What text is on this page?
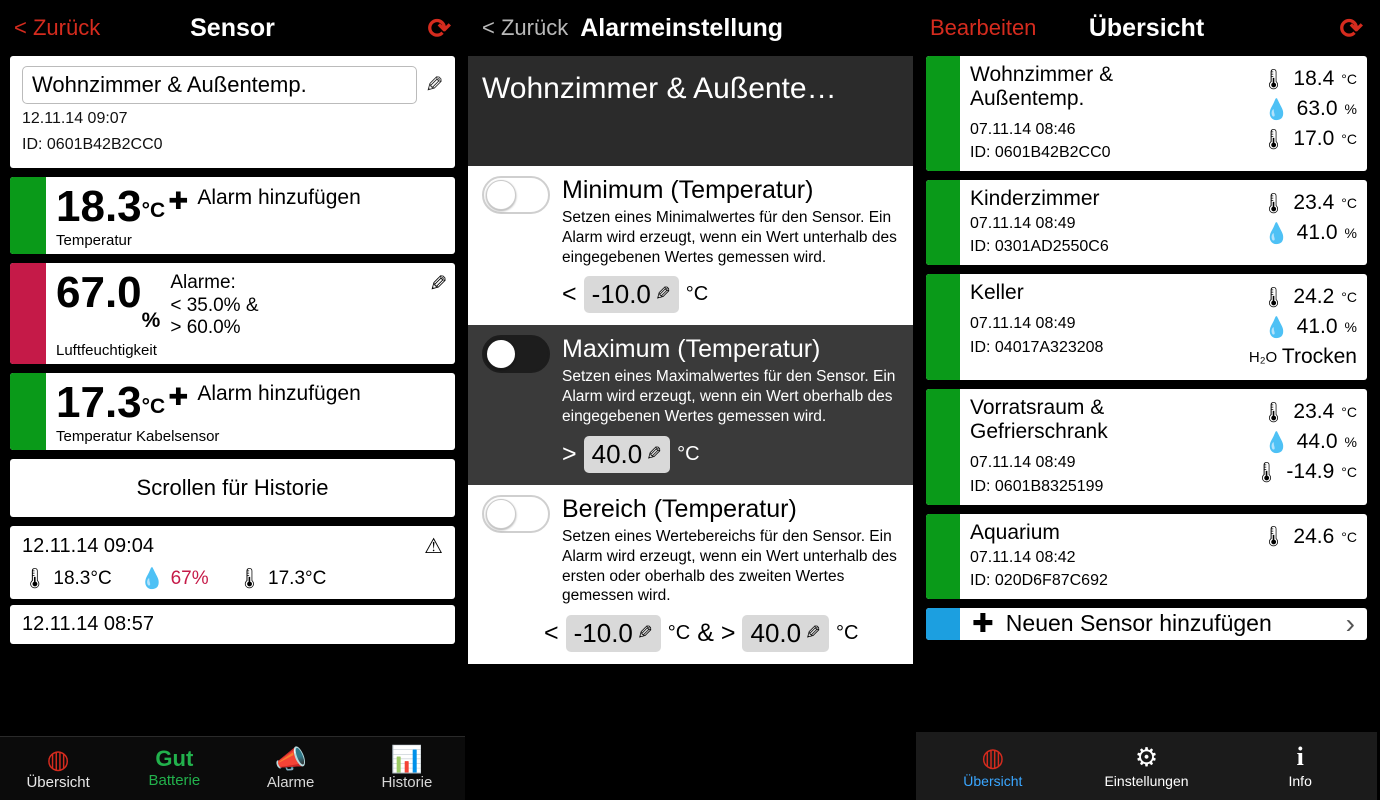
< Zurück	Sensor	⟳
Wohnzimmer & Außentemp.	✎
12.11.14 09:07
ID: 0601B42B2CC0
18.3 °C ✚ Alarm hinzufügen
Temperatur
✎
67.0
%
Alarme:
< 35.0% &
> 60.0%
Luftfeuchtigkeit
17.3 °C ✚ Alarm hinzufügen
Temperatur Kabelsensor
Scrollen für Historie
12.11.14 09:04	⚠
🌡 18.3°C 💧 67% 🌡 17.3°C
12.11.14 08:57
◍
Übersicht
Gut
Batterie
📣
Alarme
📊
Historie
< Zurück Alarmeinstellung
Wohnzimmer & Außente…
Minimum (Temperatur)
Setzen eines Minimalwertes für den Sensor. Ein Alarm wird erzeugt, wenn ein Wert unterhalb des eingegebenen Wertes gemessen wird.
< -10.0 ✎ °C
Maximum (Temperatur)
Setzen eines Maximalwertes für den Sensor. Ein Alarm wird erzeugt, wenn ein Wert oberhalb des eingegebenen Wertes gemessen wird.
> 40.0 ✎ °C
Bereich (Temperatur)
Setzen eines Wertebereichs für den Sensor. Ein Alarm wird erzeugt, wenn ein Wert unterhalb des ersten oder oberhalb des zweiten Wertes gemessen wird.
< -10.0 ✎ °C & > 40.0 ✎ °C
Bearbeiten	Übersicht	⟳
Wohnzimmer & Außentemp.
07.11.14 08:46
ID: 0601B42B2CC0
🌡 18.4 °C
💧 63.0 %
🌡 17.0 °C
Kinderzimmer
07.11.14 08:49
ID: 0301AD2550C6
🌡 23.4 °C
💧 41.0 %
Keller
07.11.14 08:49
ID: 04017A323208
🌡 24.2 °C
💧 41.0 %
H₂O Trocken
Vorratsraum & Gefrierschrank
07.11.14 08:49
ID: 0601B8325199
🌡 23.4 °C
💧 44.0 %
🌡 -14.9 °C
Aquarium
07.11.14 08:42
ID: 020D6F87C692
🌡 24.6 °C
✚ Neuen Sensor hinzufügen	›
◍
Übersicht
⚙
Einstellungen
i
Info
